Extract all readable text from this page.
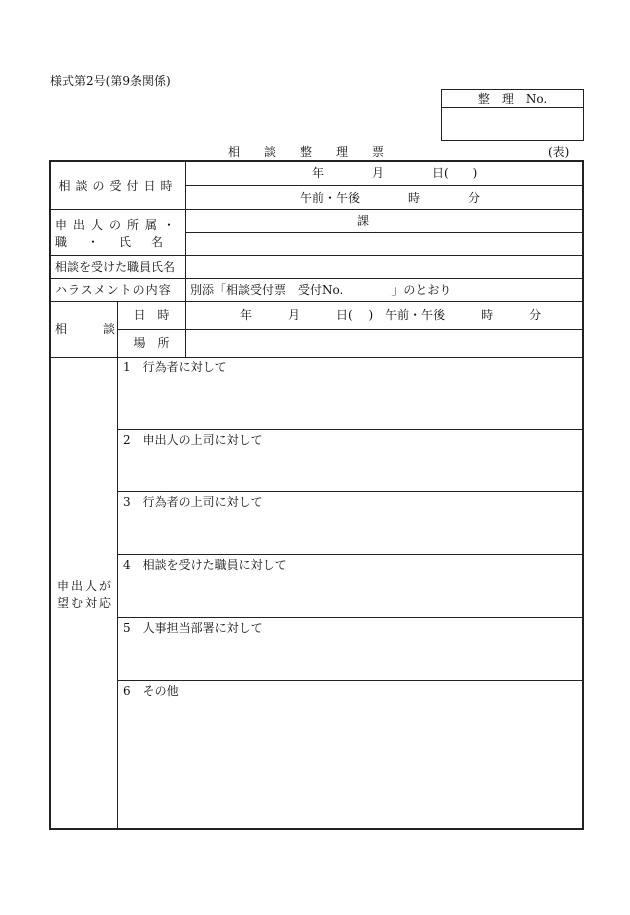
様式第2号(第9条関係)
整　理　No.
相　　談　　整　　理　　票	(表)
相談の受付日時
年　　　　月　　　　日(　　)
午前・午後　　　　時　　　　分
申出人の所属・
職　・　氏　名
課
相談を受けた職員氏名
ハラスメントの内容 別添「相談受付票　受付No.　　　　」のとおり
相　　　談
日　時	年　　　月　　　日(　 )　午前・午後　　　時　　　分
場　所
申出人が
望む対応
1　行為者に対して
2　申出人の上司に対して
3　行為者の上司に対して
4　相談を受けた職員に対して
5　人事担当部署に対して
6　その他
